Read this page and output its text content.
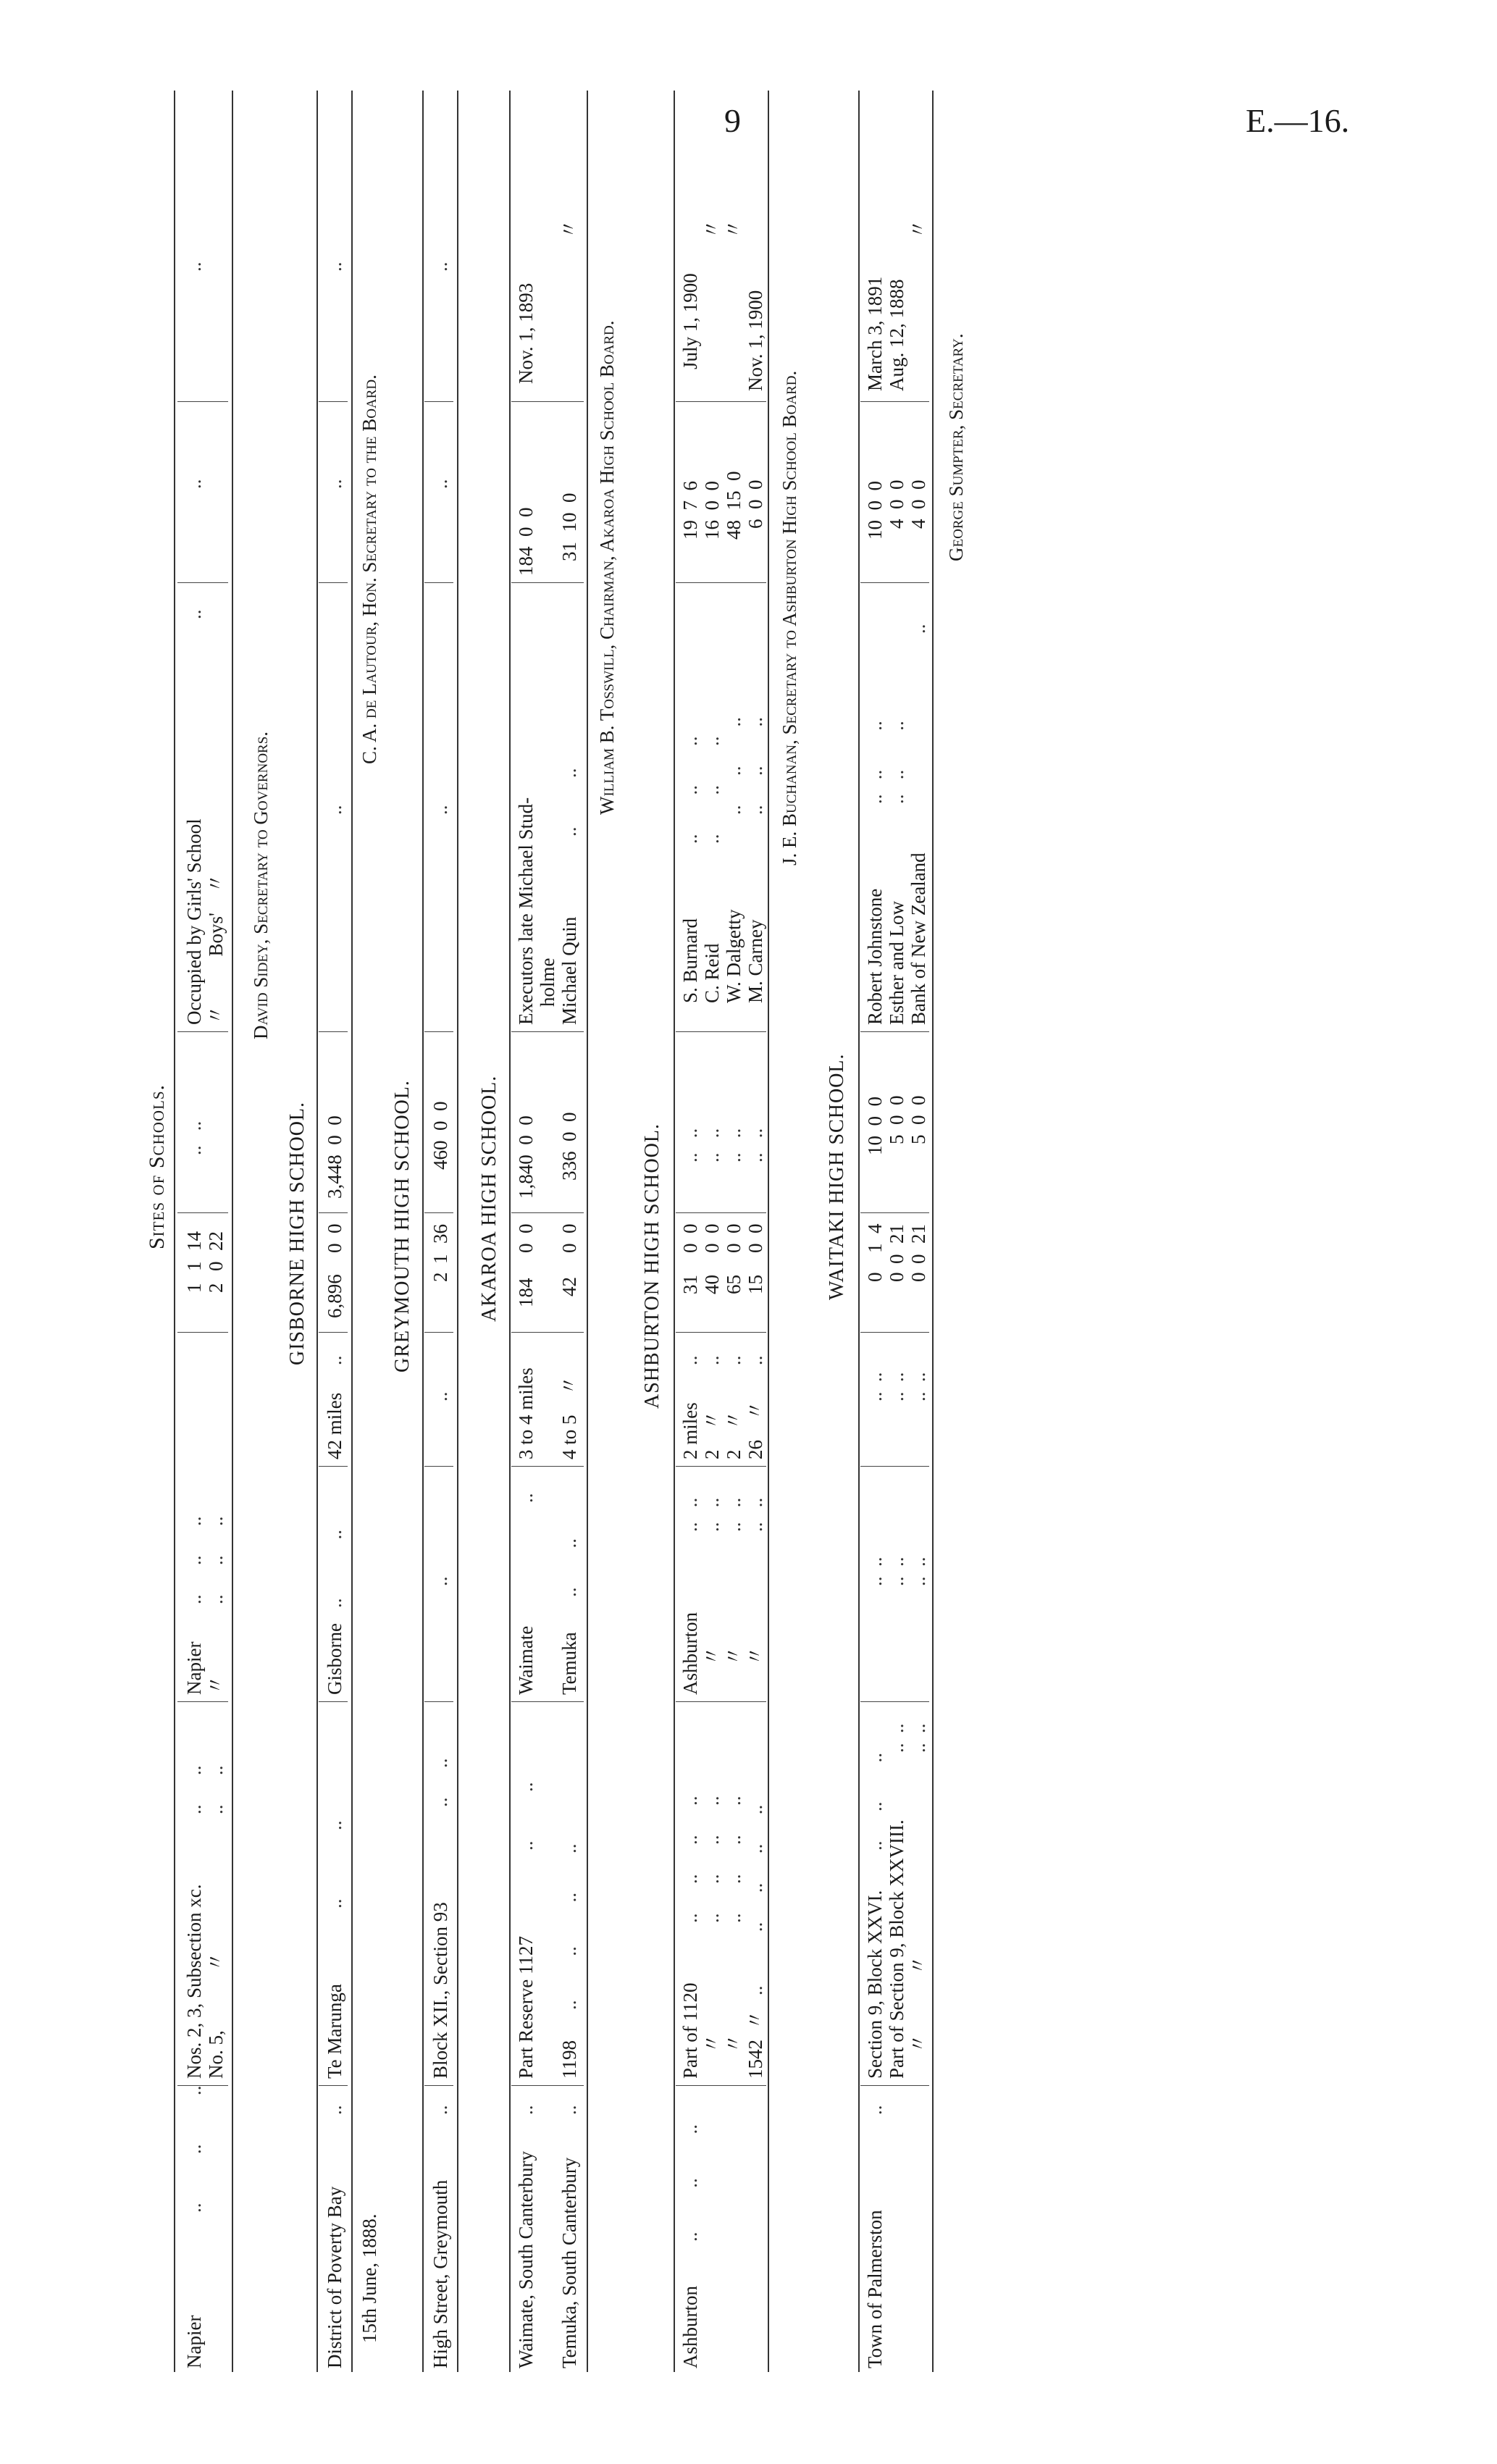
9	E.—16.
Sites of Schools.
Napier
..          ..          ..
Nos. 2, 3, Subsection xc.
..      ..
No. 5,            〃
..      ..
Napier
..      ..      ..
〃
..      ..      ..
1
1
14
2
0
22
..   ..
Occupied by Girls' School 〃          Boys'    〃
..
..
..
David Sidey, Secretary to Governors.
GISBORNE HIGH SCHOOL.
District of Poverty Bay
..
Te Marunga
..              ..
Gisborne
..            ..
42 miles
..
6,896
0
0
3,448  0  0
..
..
..
15th June, 1888.
C. A. de Lautour, Hon. Secretary to the Board.
GREYMOUTH HIGH SCHOOL.
High Street, Greymouth
..
Block XII., Section 93
..      ..
..
..
2
1
36
460  0  0
..
..
..
AKAROA HIGH SCHOOL.
Waimate, South Canterbury
..
Temuka, South Canterbury
..
Part Reserve 1127
..          ..
1198
..         ..         ..        ..
Waimate
..
Temuka
..        ..
3 to 4 miles 4 to 5    〃
184
0
0
42
0
0
1,840  0  0 336  0  0
Executors late Michael Stud- holme Michael Quin
..          ..
184  0  0 31  10  0
Nov. 1, 1893
〃
William B. Tosswill, Chairman, Akaroa High School Board.
ASHBURTON HIGH SCHOOL.
Ashburton
..         ..         ..
Part of 1120 〃 〃 1542  〃
..      ..      ..      .. ..      ..      ..      .. ..      ..      ..      .. ..           ..      ..      ..      ..
Ashburton 〃 〃 〃
..   .. ..   .. ..   .. ..   ..
2 miles 2    〃 2    〃 26    〃
.. .. .. ..
31
0
0
40
0
0
65
0
0
15
0
0
..   .. ..   .. ..   .. ..   ..
S. Burnard C. Reid W. Dalgetty M. Carney
..        ..        .. ..        ..        .. ..      ..        .. ..      ..        ..
19  7  6 16  0  0 48  15  0 6  0  0
July 1, 1900
〃 〃
Nov. 1, 1900
J. E. Buchanan, Secretary to Ashburton High School Board.
WAITAKI HIGH SCHOOL.
Town of Palmerston
..
Section 9, Block XXVI.
..      ..        ..
Part of Section 9, Block XXVIII.
..  ..
〃            〃
..  ..
..  .. ..  .. ..  ..
..  .. ..  .. ..  ..
0
1
4
0
0
21
0
0
21
10  0  0 5  0  0 5  0  0
Robert Johnstone
..   ..        ..
Esther and Low
..   ..        ..
Bank of New Zealand
..
10  0  0 4  0  0 4  0  0
March 3, 1891 Aug. 12, 1888
〃
George Sumpter, Secretary.
